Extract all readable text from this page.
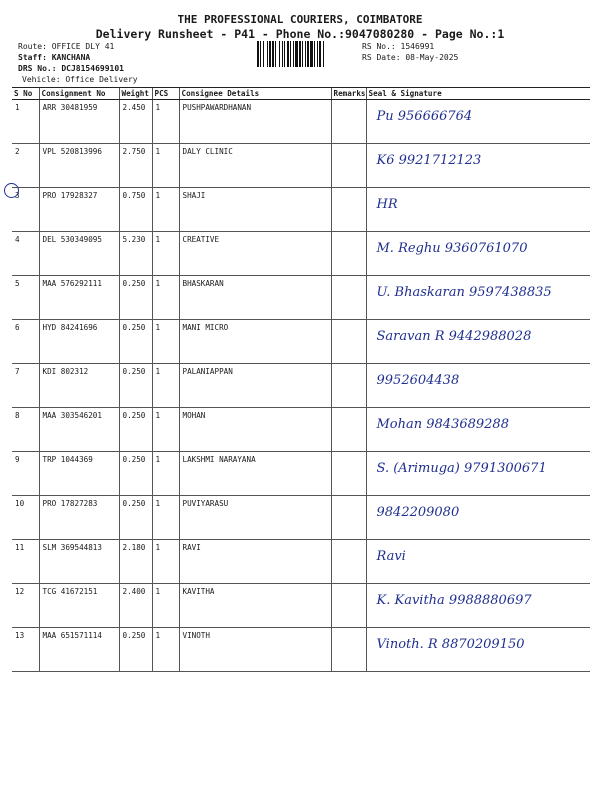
THE PROFESSIONAL COURIERS, COIMBATORE
Delivery Runsheet - P41 - Phone No.:9047080280 - Page No.:1
Route: OFFICE DLY 41
Staff: KANCHANA
DRS No.: DCJ8154699101
Vehicle: Office Delivery
RS No.: 1546991
RS Date: 08-May-2025
S No	Consignment No	Weight	PCS	Consignee Details	Remarks	Seal & Signature
1	ARR 30481959	2.450	1	PUSHPAWARDHANAN		Pu 956666764

2	VPL 520813996	2.750	1	DALY CLINIC		K6 9921712123

3	PRO 17928327	0.750	1	SHAJI		HR

4	DEL 530349095	5.230	1	CREATIVE		M. Reghu 9360761070

5	MAA 576292111	0.250	1	BHASKARAN		U. Bhaskaran 9597438835

6	HYD 84241696	0.250	1	MANI MICRO		Saravan R 9442988028

7	KDI 802312	0.250	1	PALANIAPPAN		9952604438

8	MAA 303546201	0.250	1	MOHAN		Mohan 9843689288

9	TRP 1044369	0.250	1	LAKSHMI NARAYANA		S. (Arimuga) 9791300671

10	PRO 17827283	0.250	1	PUVIYARASU		9842209080

11	SLM 369544813	2.180	1	RAVI		Ravi

12	TCG 41672151	2.400	1	KAVITHA		K. Kavitha 9988880697

13	MAA 651571114	0.250	1	VINOTH		Vinoth. R 8870209150
